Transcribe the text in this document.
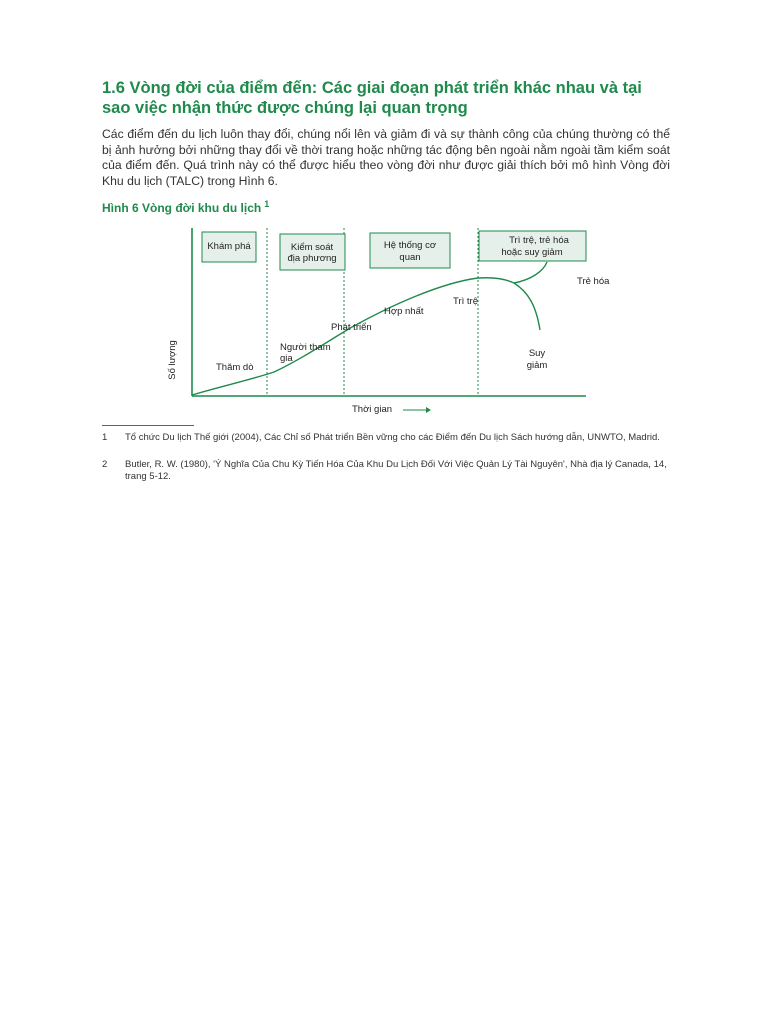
1.6 Vòng đời của điểm đến: Các giai đoạn phát triển khác nhau và tại sao việc nhận thức được chúng lại quan trọng
Các điểm đến du lịch luôn thay đổi, chúng nổi lên và giảm đi và sự thành công của chúng thường có thể bị ảnh hưởng bởi những thay đổi về thời trang hoặc những tác động bên ngoài nằm ngoài tầm kiểm soát của điểm đến. Quá trình này có thể được hiểu theo vòng đời như được giải thích bởi mô hình Vòng đời Khu du lịch (TALC) trong Hình 6.
Hình 6 Vòng đời khu du lịch $^1$
Khám phá	Kiểm soát
địa phương
Hệ thống cơ
quan
Trì trệ, trẻ hóa
hoặc suy giảm
Thăm dò
Người tham
gia
Phát triển
Hợp nhất
Trì trệ
Trẻ hóa
Suy
giảm
Số lượng
Thời gian
1 Tổ chức Du lịch Thế giới (2004), Các Chỉ số Phát triển Bền vững cho các Điểm đến Du lịch Sách hướng dẫn, UNWTO, Madrid.
2 Butler, R. W. (1980), 'Ý Nghĩa Của Chu Kỳ Tiến Hóa Của Khu Du Lịch Đối Với Việc Quản Lý Tài Nguyên', Nhà địa lý Canada, 14, trang 5-12.
